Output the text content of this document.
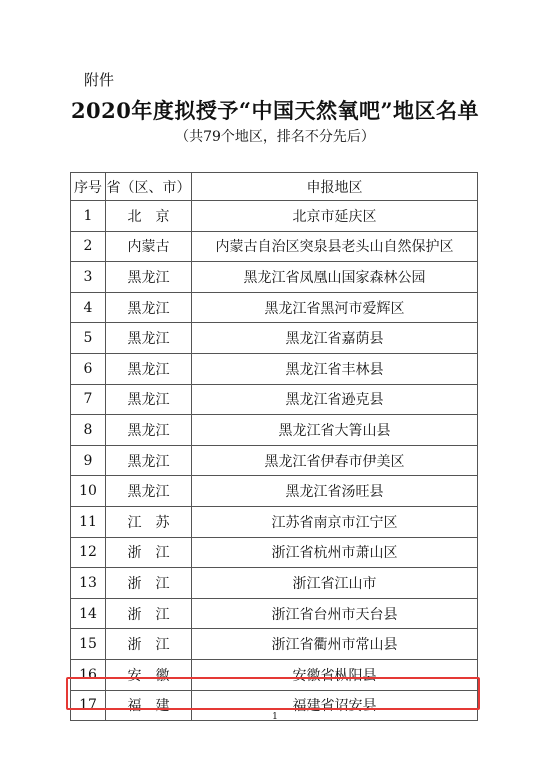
附件
2020年度拟授予“中国天然氧吧”地区名单
（共79个地区，排名不分先后）
序号	省（区、市）	申报地区
1	北　京	北京市延庆区
2	内蒙古	内蒙古自治区突泉县老头山自然保护区
3	黑龙江	黑龙江省凤凰山国家森林公园
4	黑龙江	黑龙江省黑河市爱辉区
5	黑龙江	黑龙江省嘉荫县
6	黑龙江	黑龙江省丰林县
7	黑龙江	黑龙江省逊克县
8	黑龙江	黑龙江省大箐山县
9	黑龙江	黑龙江省伊春市伊美区
10	黑龙江	黑龙江省汤旺县
11	江　苏	江苏省南京市江宁区
12	浙　江	浙江省杭州市萧山区
13	浙　江	浙江省江山市
14	浙　江	浙江省台州市天台县
15	浙　江	浙江省衢州市常山县
16	安　徽	安徽省枞阳县
17	福　建	福建省诏安县
1
